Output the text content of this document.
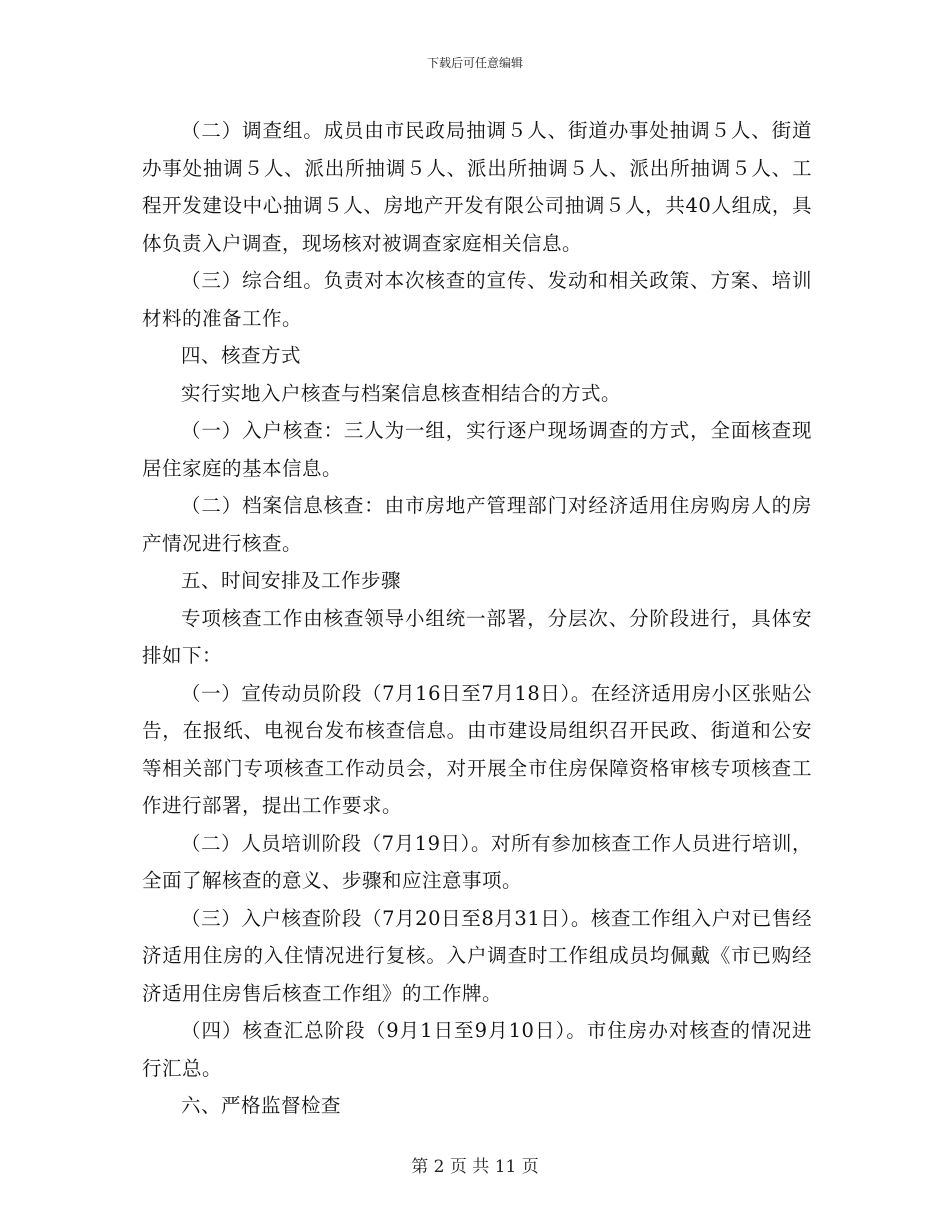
下载后可任意编辑

（二）调查组。成员由市民政局抽调５人、街道办事处抽调５人、街道办事处抽调５人、派出所抽调５人、派出所抽调５人、派出所抽调５人、工程开发建设中心抽调５人、房地产开发有限公司抽调５人，共40人组成，具体负责入户调查，现场核对被调查家庭相关信息。

（三）综合组。负责对本次核查的宣传、发动和相关政策、方案、培训材料的准备工作。

四、核查方式

实行实地入户核查与档案信息核查相结合的方式。

（一）入户核查：三人为一组，实行逐户现场调查的方式，全面核查现居住家庭的基本信息。

（二）档案信息核查：由市房地产管理部门对经济适用住房购房人的房产情况进行核查。

五、时间安排及工作步骤

专项核查工作由核查领导小组统一部署，分层次、分阶段进行，具体安排如下：

（一）宣传动员阶段（7月16日至7月18日）。在经济适用房小区张贴公告，在报纸、电视台发布核查信息。由市建设局组织召开民政、街道和公安等相关部门专项核查工作动员会，对开展全市住房保障资格审核专项核查工作进行部署，提出工作要求。

（二）人员培训阶段（7月19日）。对所有参加核查工作人员进行培训，全面了解核查的意义、步骤和应注意事项。

（三）入户核查阶段（7月20日至8月31日）。核查工作组入户对已售经济适用住房的入住情况进行复核。入户调查时工作组成员均佩戴《市已购经济适用住房售后核查工作组》的工作牌。

（四）核查汇总阶段（9月1日至9月10日）。市住房办对核查的情况进行汇总。

六、严格监督检查

第 2 页 共 11 页
